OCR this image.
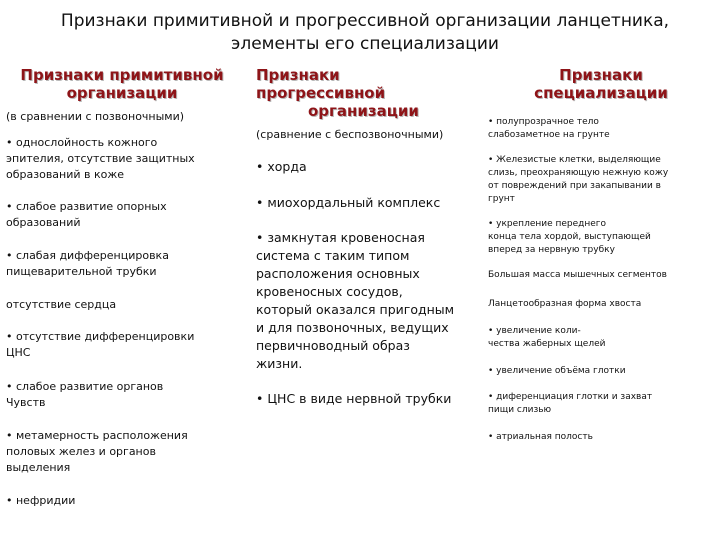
Признаки примитивной и прогрессивной организации ланцетника,
элементы его специализации
Признаки примитивной
организации
(в сравнении с позвоночными)

• однослойность кожного
эпителия, отсутствие защитных
образований в коже

• слабое развитие опорных
образований

• слабая дифференцировка
пищеварительной трубки

отсутствие сердца

• отсутствие дифференцировки
ЦНС

• слабое развитие органов
Чувств

• метамерность расположения
половых желез и органов
выделения

• нефридии

Признаки
прогрессивной
организации
(сравнение с беспозвоночными)

• хорда

• миохордальный комплекс

• замкнутая кровеносная
система с таким типом
расположения основных
кровеносных сосудов,
который оказался пригодным
и для позвоночных, ведущих
первичноводный образ
жизни.

• ЦНС в виде нервной трубки

Признаки
специализации

• полупрозрачное тело
слабозаметное на грунте

• Железистые клетки, выделяющие
слизь, преохраняющую нежную кожу
от повреждений при закапывании в
грунт

• укрепление переднего
конца тела хордой, выступающей
вперед за нервную трубку

Большая масса мышечных сегментов

Ланцетообразная форма хвоста

• увеличение коли-
чества жаберных щелей

• увеличение объёма глотки

• диференциация глотки и захват
пищи слизью

• атриальная полость
